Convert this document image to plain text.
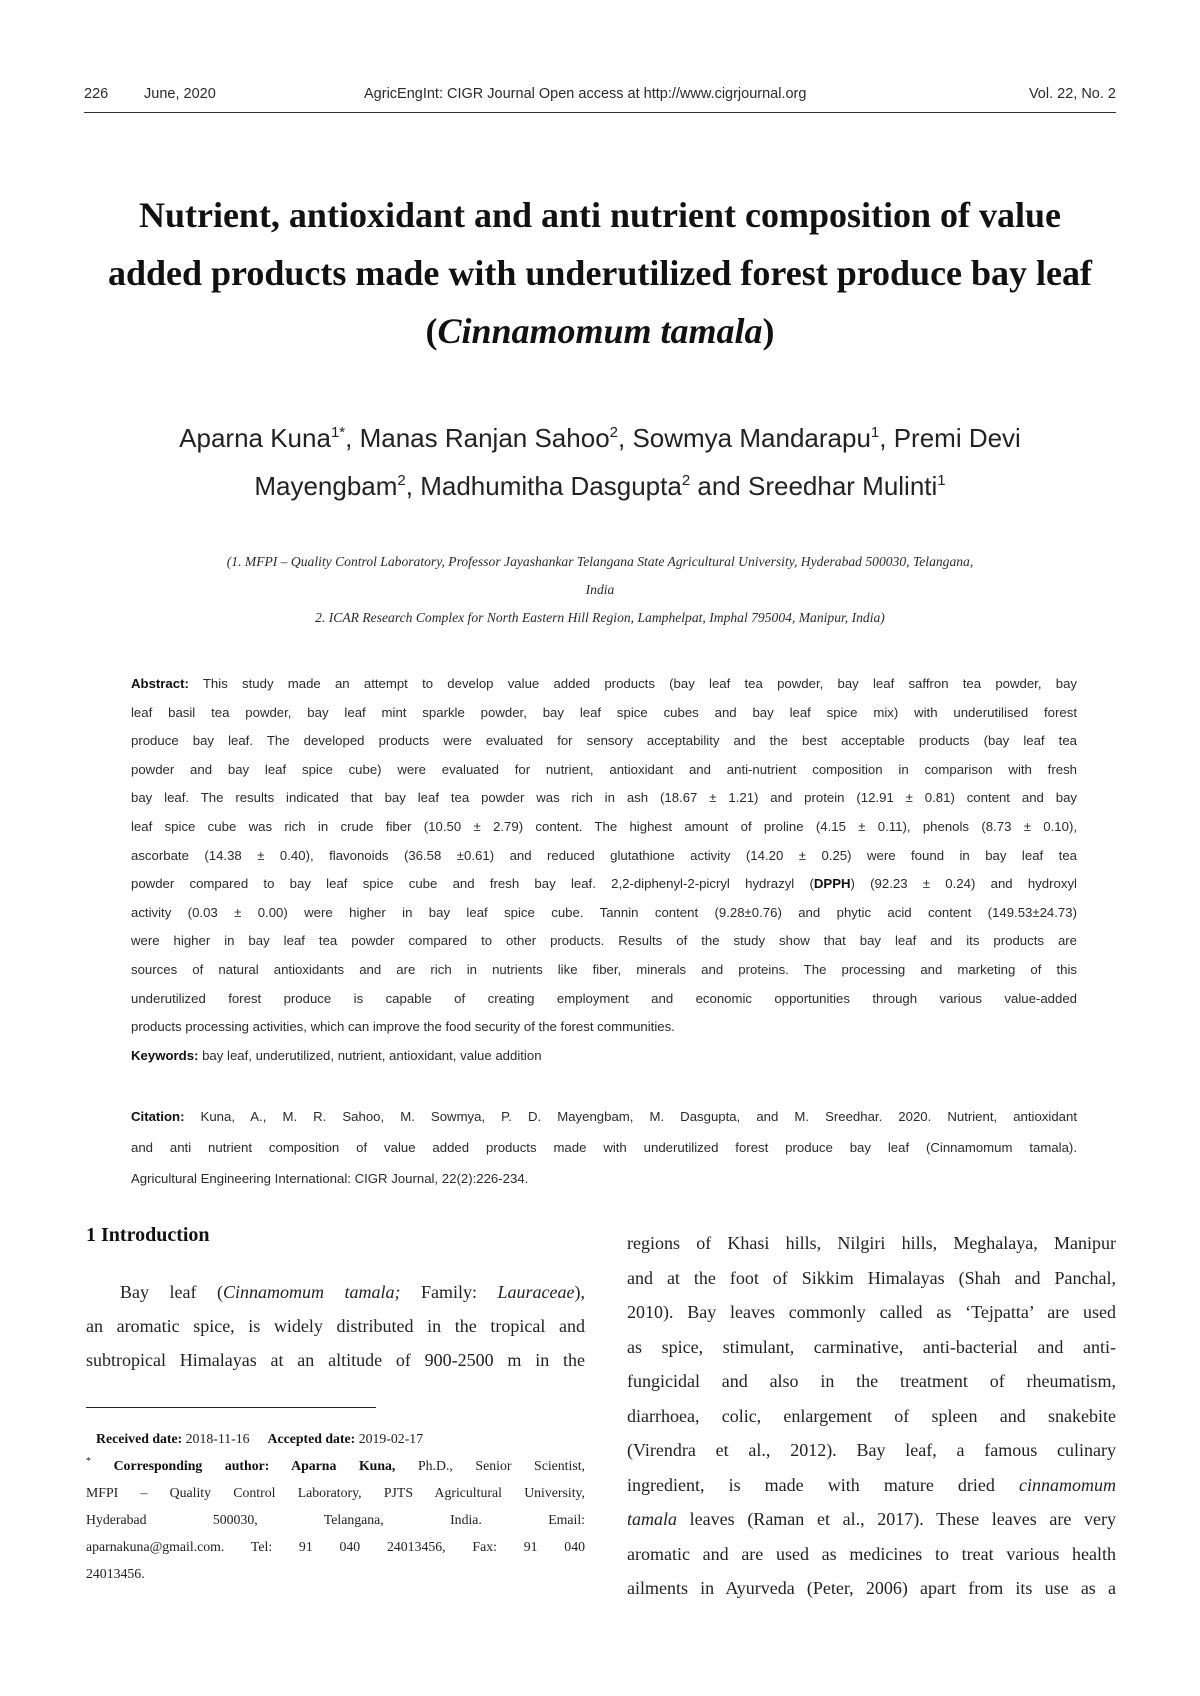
226 June, 2020	AgricEngInt: CIGR Journal Open access at http://www.cigrjournal.org	Vol. 22, No. 2
Nutrient, antioxidant and anti nutrient composition of value
added products made with underutilized forest produce bay leaf
(Cinnamomum tamala)
Aparna Kuna$^{1*}$, Manas Ranjan Sahoo$^2$, Sowmya Mandarapu$^1$, Premi Devi
Mayengbam$^2$, Madhumitha Dasgupta$^2$ and Sreedhar Mulinti$^1$
(1. MFPI – Quality Control Laboratory, Professor Jayashankar Telangana State Agricultural University, Hyderabad 500030, Telangana,
India
2. ICAR Research Complex for North Eastern Hill Region, Lamphelpat, Imphal 795004, Manipur, India)
Abstract: This study made an attempt to develop value added products (bay leaf tea powder, bay leaf saffron tea powder, bay
leaf basil tea powder, bay leaf mint sparkle powder, bay leaf spice cubes and bay leaf spice mix) with underutilised forest
produce bay leaf. The developed products were evaluated for sensory acceptability and the best acceptable products (bay leaf tea
powder and bay leaf spice cube) were evaluated for nutrient, antioxidant and anti-nutrient composition in comparison with fresh
bay leaf. The results indicated that bay leaf tea powder was rich in ash (18.67 ± 1.21) and protein (12.91 ± 0.81) content and bay
leaf spice cube was rich in crude fiber (10.50 ± 2.79) content. The highest amount of proline (4.15 ± 0.11), phenols (8.73 ± 0.10),
ascorbate (14.38 ± 0.40), flavonoids (36.58 ±0.61) and reduced glutathione activity (14.20 ± 0.25) were found in bay leaf tea
powder compared to bay leaf spice cube and fresh bay leaf. 2,2-diphenyl-2-picryl hydrazyl (DPPH) (92.23 ± 0.24) and hydroxyl
activity (0.03 ± 0.00) were higher in bay leaf spice cube. Tannin content (9.28±0.76) and phytic acid content (149.53±24.73)
were higher in bay leaf tea powder compared to other products. Results of the study show that bay leaf and its products are
sources of natural antioxidants and are rich in nutrients like fiber, minerals and proteins. The processing and marketing of this
underutilized forest produce is capable of creating employment and economic opportunities through various value-added
products processing activities, which can improve the food security of the forest communities.
Keywords: bay leaf, underutilized, nutrient, antioxidant, value addition
Citation: Kuna, A., M. R. Sahoo, M. Sowmya, P. D. Mayengbam, M. Dasgupta, and M. Sreedhar. 2020. Nutrient, antioxidant
and anti nutrient composition of value added products made with underutilized forest produce bay leaf (Cinnamomum tamala).
Agricultural Engineering International: CIGR Journal, 22(2):226-234.
1 Introduction
Bay leaf (Cinnamomum tamala; Family: Lauraceae),
an aromatic spice, is widely distributed in the tropical and
subtropical Himalayas at an altitude of 900-2500 m in the
Received date: 2018-11-16 Accepted date: 2019-02-17
* Corresponding author: Aparna Kuna, Ph.D., Senior Scientist,
MFPI – Quality Control Laboratory, PJTS Agricultural University,
Hyderabad 500030, Telangana, India. Email:
aparnakuna@gmail.com. Tel: 91 040 24013456, Fax: 91 040
24013456.
regions of Khasi hills, Nilgiri hills, Meghalaya, Manipur
and at the foot of Sikkim Himalayas (Shah and Panchal,
2010). Bay leaves commonly called as ‘Tejpatta’ are used
as spice, stimulant, carminative, anti-bacterial and anti-
fungicidal and also in the treatment of rheumatism,
diarrhoea, colic, enlargement of spleen and snakebite
(Virendra et al., 2012). Bay leaf, a famous culinary
ingredient, is made with mature dried cinnamomum
tamala leaves (Raman et al., 2017). These leaves are very
aromatic and are used as medicines to treat various health
ailments in Ayurveda (Peter, 2006) apart from its use as a
